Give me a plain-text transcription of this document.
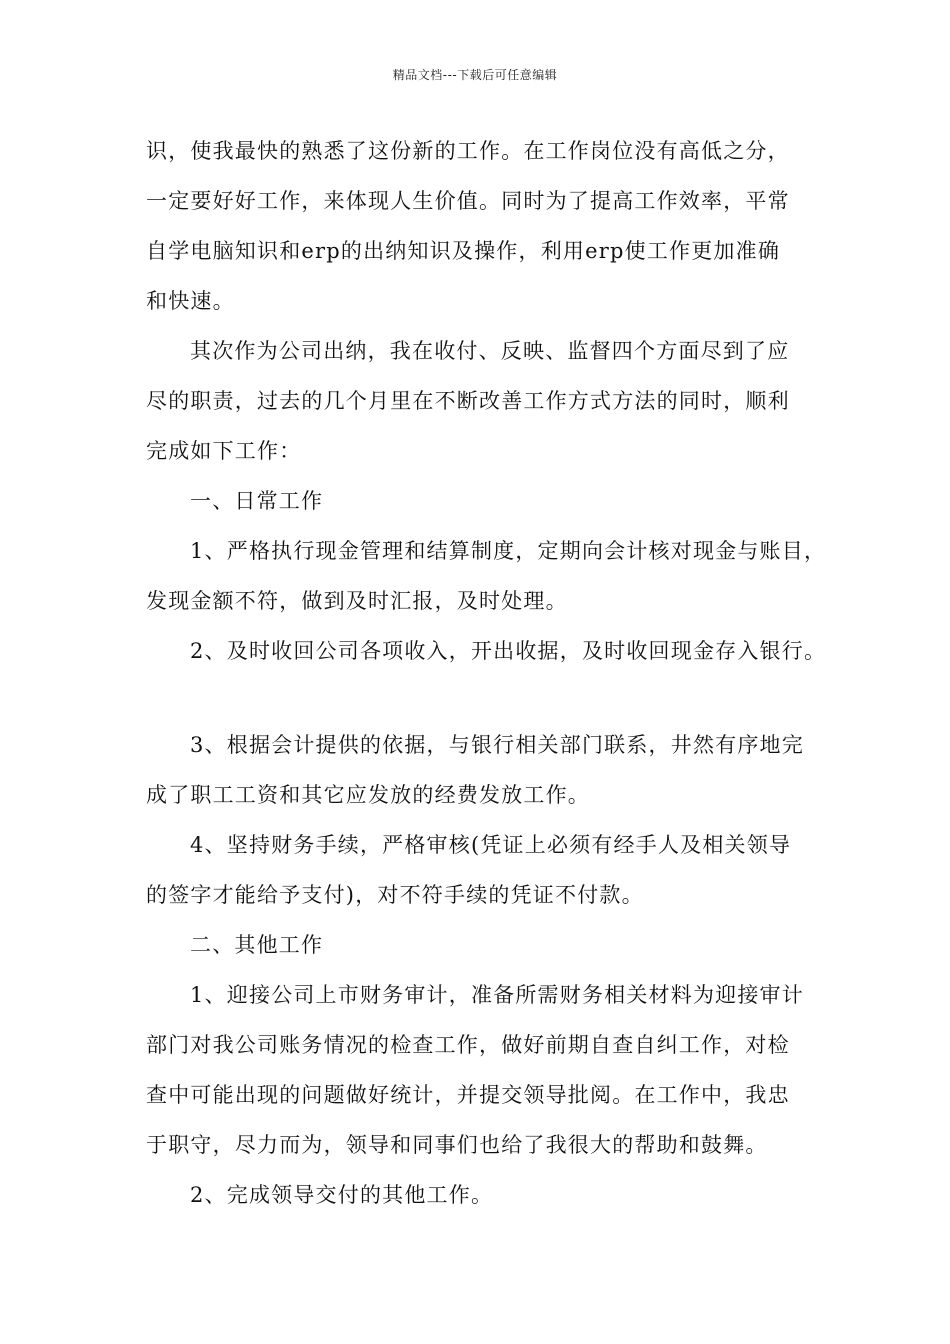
精品文档---下载后可任意编辑
识，使我最快的熟悉了这份新的工作。在工作岗位没有高低之分，
一定要好好工作，来体现人生价值。同时为了提高工作效率，平常
自学电脑知识和erp的出纳知识及操作，利用erp使工作更加准确
和快速。
其次作为公司出纳，我在收付、反映、监督四个方面尽到了应
尽的职责，过去的几个月里在不断改善工作方式方法的同时，顺利
完成如下工作：
一、日常工作
1、严格执行现金管理和结算制度，定期向会计核对现金与账目，
发现金额不符，做到及时汇报，及时处理。
2、及时收回公司各项收入，开出收据，及时收回现金存入银行。
3、根据会计提供的依据，与银行相关部门联系，井然有序地完
成了职工工资和其它应发放的经费发放工作。
4、坚持财务手续，严格审核(凭证上必须有经手人及相关领导
的签字才能给予支付)，对不符手续的凭证不付款。
二、其他工作
1、迎接公司上市财务审计，准备所需财务相关材料为迎接审计
部门对我公司账务情况的检查工作，做好前期自查自纠工作，对检
查中可能出现的问题做好统计，并提交领导批阅。在工作中，我忠
于职守，尽力而为，领导和同事们也给了我很大的帮助和鼓舞。
2、完成领导交付的其他工作。
